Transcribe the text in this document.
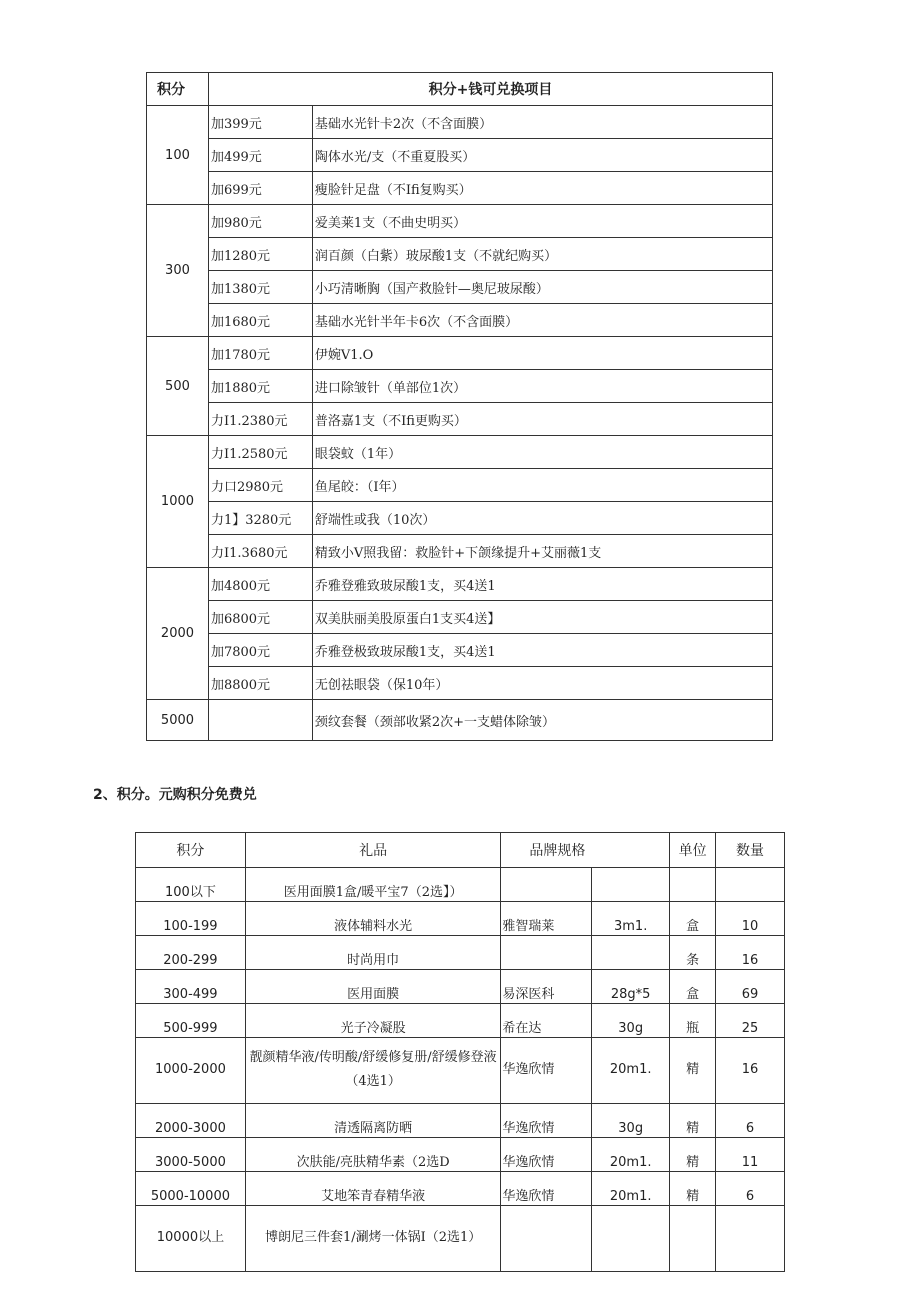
积分	积分+钱可兑换项目	
100	加399元	基础水光针卡2次（不含面膜）
	加499元	陶体水光/支（不重夏股买）
	加699元	瘦脸针足盘（不Ifi复购买）
300	加980元	爱美莱1支（不曲史明买）
	加1280元	润百颜（白紫）玻尿酸1支（不就纪购买）
	加1380元	小巧清晰胸（国产救脸针—奥尼玻尿酸）
	加1680元	基础水光针半年卡6次（不含面膜）
500	加1780元	伊婉V1.O
	加1880元	进口除皱针（单部位1次）
	力I1.2380元	普洛嘉1支（不Ifi更购买）
1000	力I1.2580元	眼袋蚊（1年）
	力口2980元	鱼尾皎：（I年）
	力1】3280元	舒端性或我（10次）
	力I1.3680元	精致小V照我留：救脸针+下颌缘提升+艾丽薇1支
2000	加4800元	乔雅登雅致玻尿酸1支，买4送1
	加6800元	双美肤丽美股原蛋白1支买4送】
	加7800元	乔雅登极致玻尿酸1支，买4送1
	加8800元	无创祛眼袋（保10年）
5000		颈纹套餐（颈部收紧2次+一支蜡体除皱）
2、积分。元购积分免费兑
积分	礼品	品牌规格		单位	数量
100以下	医用面膜1盒/暖平宝7（2选】）				
100-199	液体辅料水光	雅智瑞莱	3m1.	盒	10
200-299	时尚用巾			条	16
300-499	医用面膜	易深医科	28g*5	盒	69
500-999	光子冷凝股	希在达	30g	瓶	25
1000-2000	靓颜精华液/传明酸/舒缓修复册/舒缓修登液（4选1）	华逸欣情	20m1.	精	16
2000-3000	清透隔离防晒	华逸欣情	30g	精	6
3000-5000	次肤能/亮肤精华素（2选D	华逸欣情	20m1.	精	11
5000-10000	艾地笨青春精华液	华逸欣情	20m1.	精	6
10000以上	博朗尼三件套1/涮烤一体锅I（2选1）				
